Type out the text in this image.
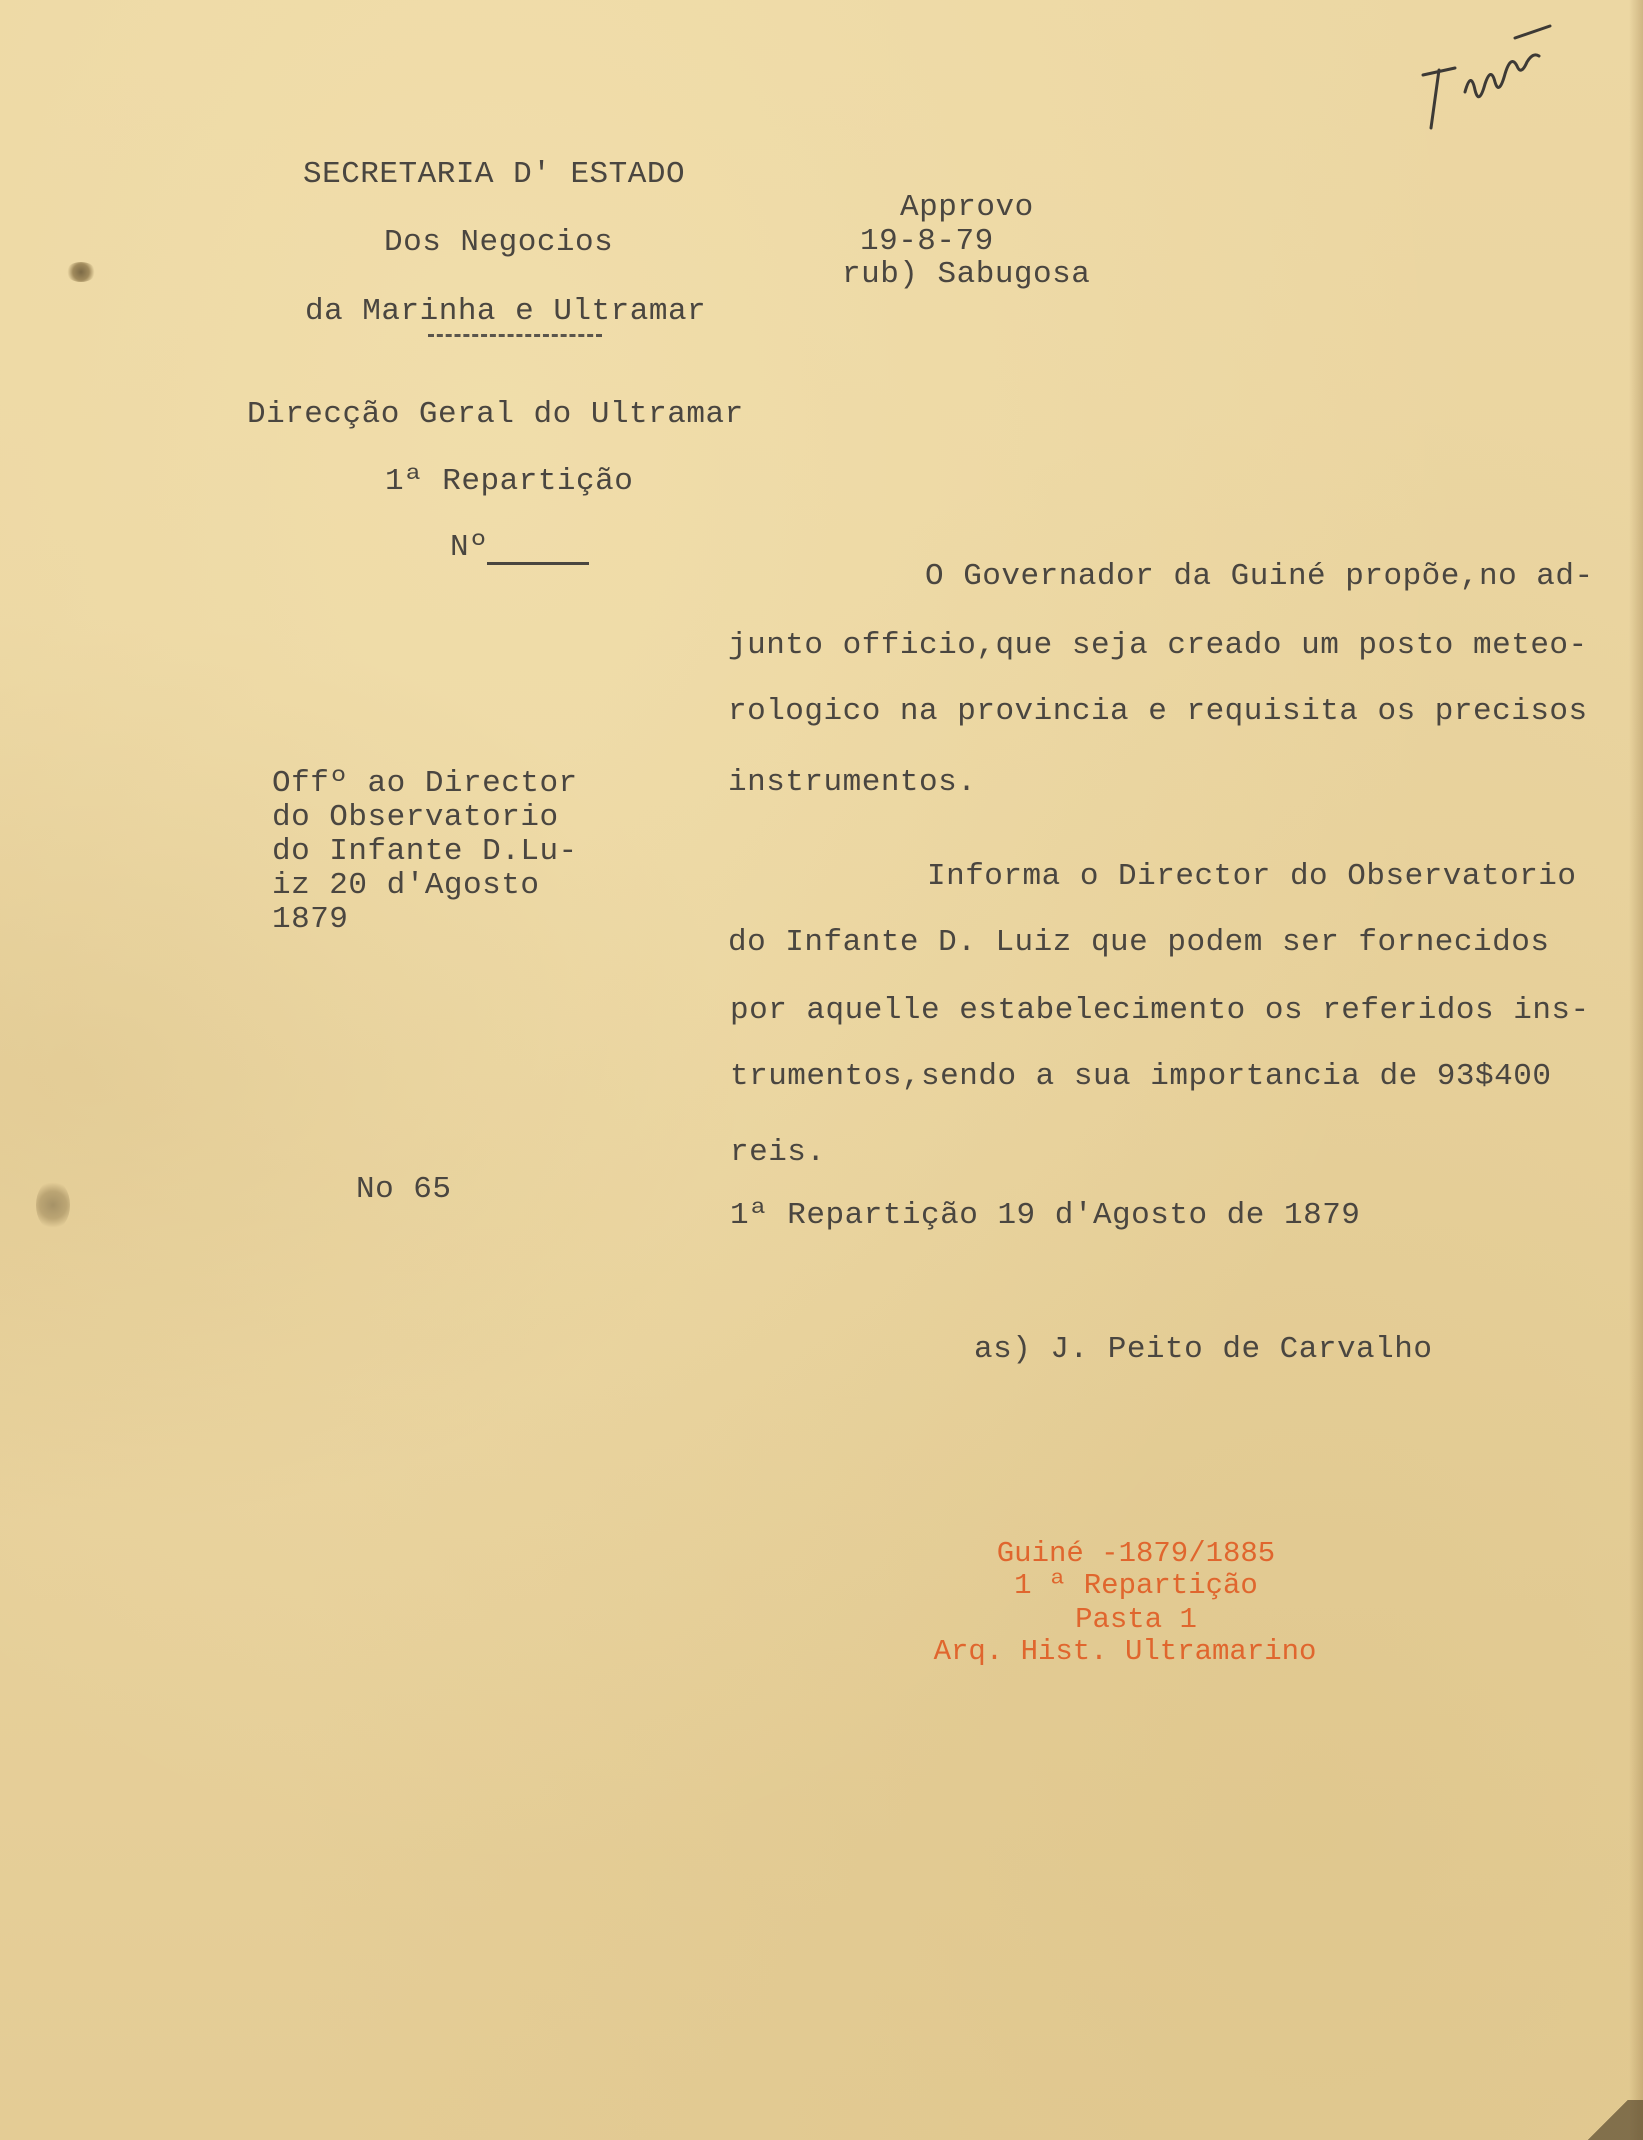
SECRETARIA D' ESTADO
Dos Negocios
da Marinha e Ultramar
Direcção Geral do Ultramar
1ª Repartição
Nº
Approvo
19-8-79
rub) Sabugosa
Offº ao Director
do Observatorio
do Infante D.Lu-
iz 20 d'Agosto
1879
No 65
O Governador da Guiné propõe,no ad-
junto officio,que seja creado um posto meteo-
rologico na provincia e requisita os precisos
instrumentos.
Informa o Director do Observatorio
do Infante D. Luiz que podem ser fornecidos
por aquelle estabelecimento os referidos ins-
trumentos,sendo a sua importancia de 93$400
reis.
1ª Repartição 19 d'Agosto de 1879
as) J. Peito de Carvalho
Guiné -1879/1885
1 ª Repartição
Pasta 1
Arq. Hist. Ultramarino
